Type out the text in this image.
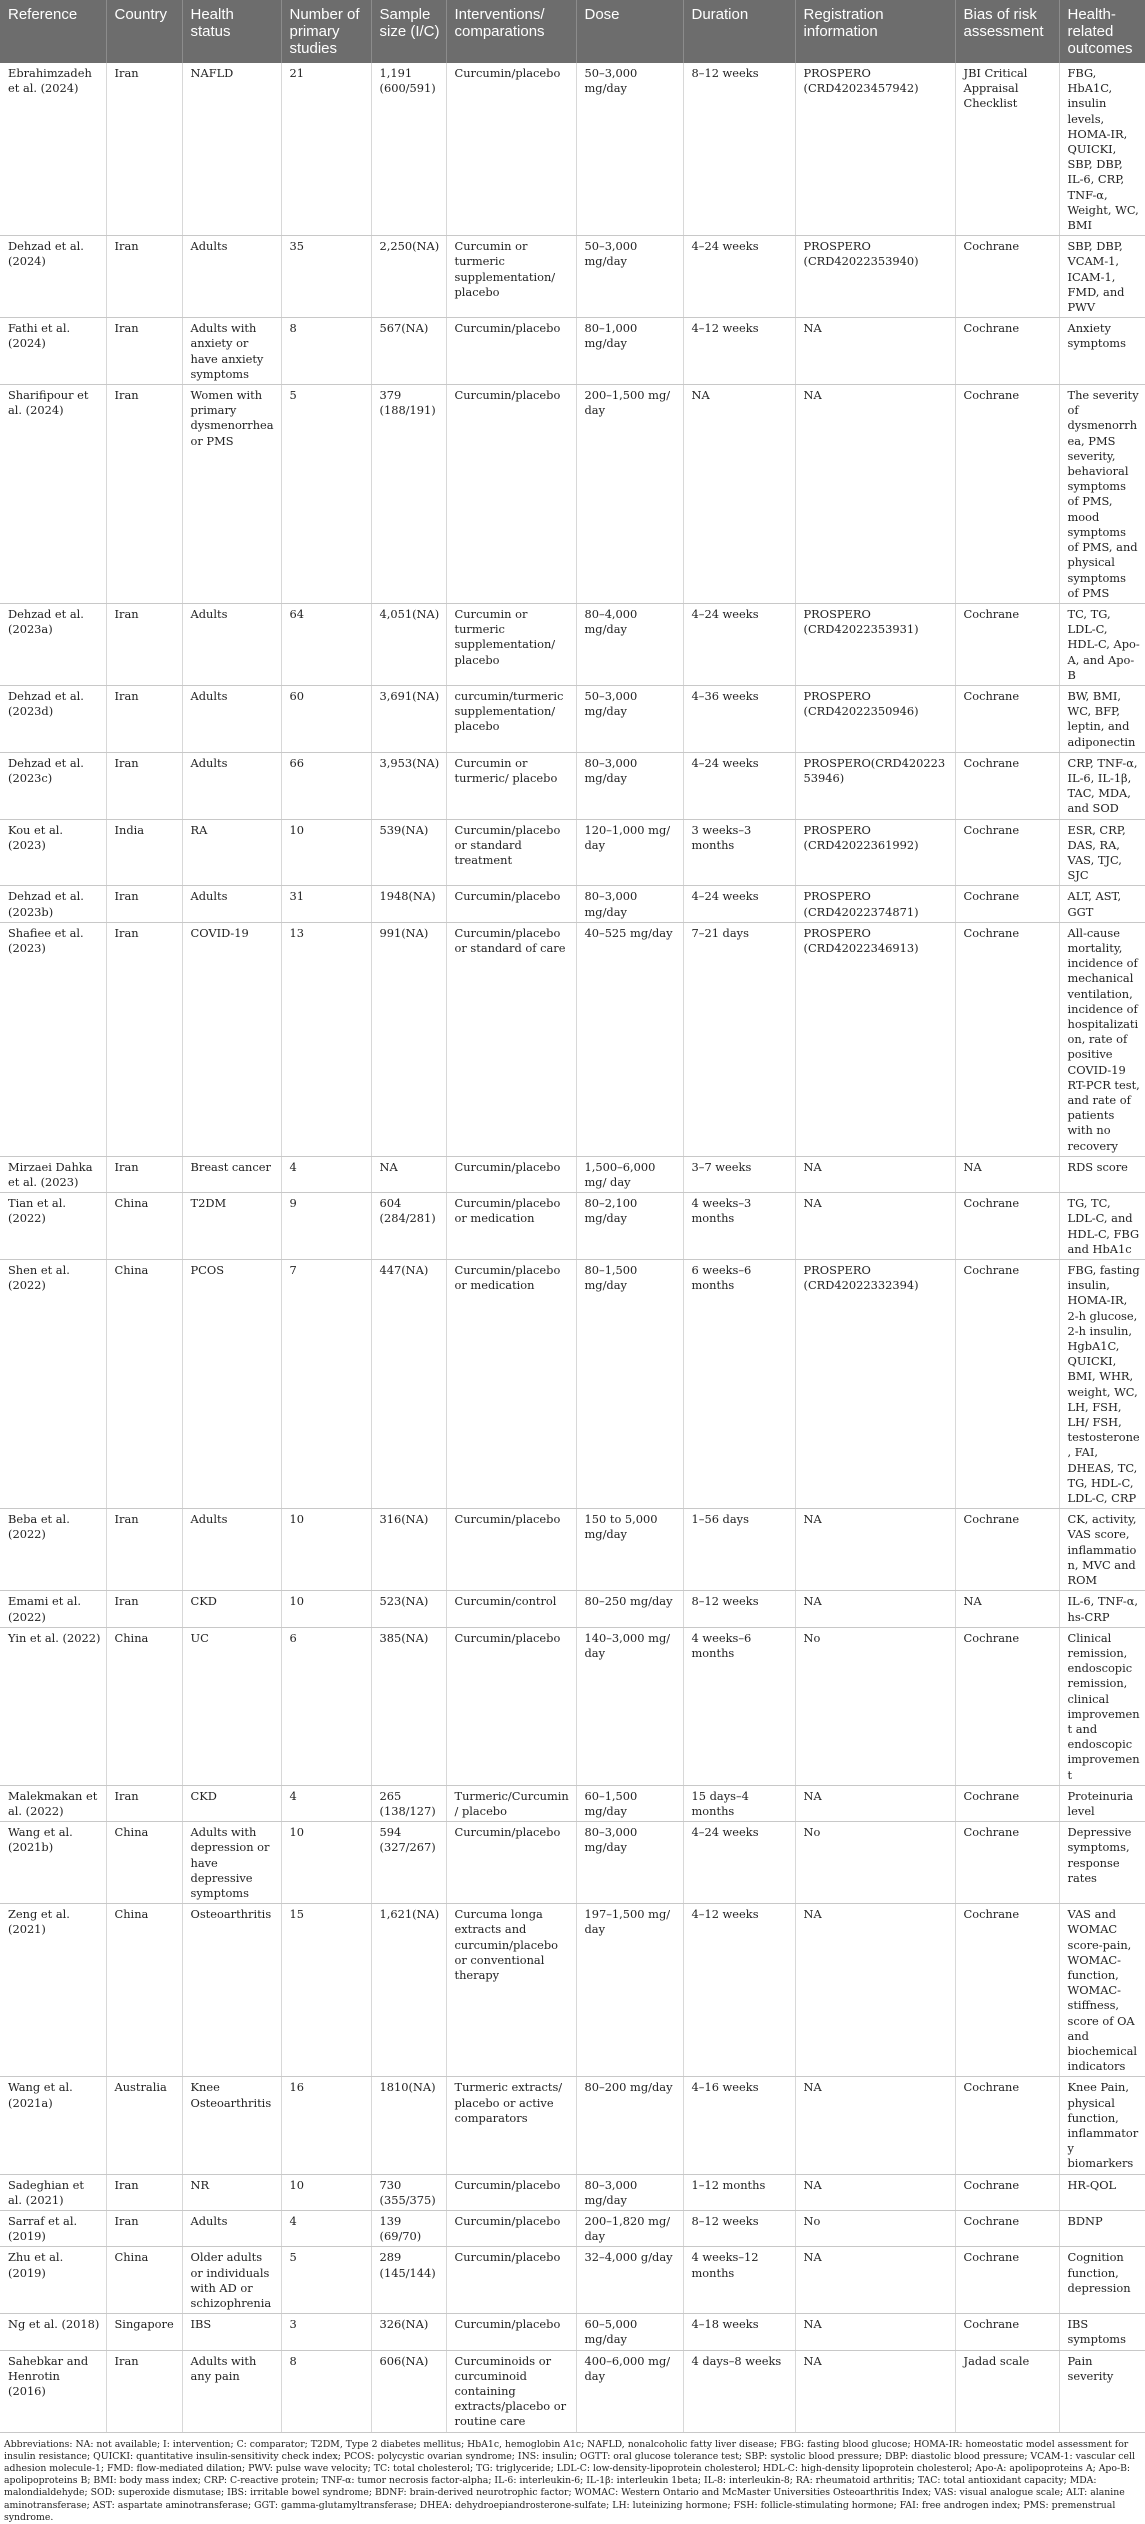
Reference	Country	Health status	Number of primary studies	Sample size (I/C)	Interventions/ comparations	Dose	Duration	Registration information	Bias of risk assessment	Health-related outcomes
Ebrahimzadeh et al. (2024)	Iran	NAFLD	21	1,191 (600/591)	Curcumin/placebo	50–3,000 mg/day	8–12 weeks	PROSPERO (CRD42023457942)	JBI Critical Appraisal Checklist	FBG, HbA1C, insulin levels, HOMA-IR, QUICKI, SBP, DBP, IL-6, CRP, TNF-α, Weight, WC, BMI
Dehzad et al. (2024)	Iran	Adults	35	2,250(NA)	Curcumin or turmeric supplementation/ placebo	50–3,000 mg/day	4–24 weeks	PROSPERO (CRD42022353940)	Cochrane	SBP, DBP, VCAM-1, ICAM-1, FMD, and PWV
Fathi et al. (2024)	Iran	Adults with anxiety or have anxiety symptoms	8	567(NA)	Curcumin/placebo	80–1,000 mg/day	4–12 weeks	NA	Cochrane	Anxiety symptoms
Sharifipour et al. (2024)	Iran	Women with primary dysmenorrhea or PMS	5	379 (188/191)	Curcumin/placebo	200–1,500 mg/ day	NA	NA	Cochrane	The severity of dysmenorrhea, PMS severity, behavioral symptoms of PMS, mood symptoms of PMS, and physical symptoms of PMS
Dehzad et al. (2023a)	Iran	Adults	64	4,051(NA)	Curcumin or turmeric supplementation/ placebo	80–4,000 mg/day	4–24 weeks	PROSPERO (CRD42022353931)	Cochrane	TC, TG, LDL-C, HDL-C, Apo-A, and Apo-B
Dehzad et al. (2023d)	Iran	Adults	60	3,691(NA)	curcumin/turmeric supplementation/ placebo	50–3,000 mg/day	4–36 weeks	PROSPERO (CRD42022350946)	Cochrane	BW, BMI, WC, BFP, leptin, and adiponectin
Dehzad et al. (2023c)	Iran	Adults	66	3,953(NA)	Curcumin or turmeric/ placebo	80–3,000 mg/day	4–24 weeks	PROSPERO(CRD42022353946)	Cochrane	CRP, TNF-α, IL-6, IL-1β, TAC, MDA, and SOD
Kou et al. (2023)	India	RA	10	539(NA)	Curcumin/placebo or standard treatment	120–1,000 mg/ day	3 weeks–3 months	PROSPERO (CRD42022361992)	Cochrane	ESR, CRP, DAS, RA, VAS, TJC, SJC
Dehzad et al. (2023b)	Iran	Adults	31	1948(NA)	Curcumin/placebo	80–3,000 mg/day	4–24 weeks	PROSPERO (CRD42022374871)	Cochrane	ALT, AST, GGT
Shafiee et al. (2023)	Iran	COVID-19	13	991(NA)	Curcumin/placebo or standard of care	40–525 mg/day	7–21 days	PROSPERO (CRD42022346913)	Cochrane	All-cause mortality, incidence of mechanical ventilation, incidence of hospitalization, rate of positive COVID-19 RT-PCR test, and rate of patients with no recovery
Mirzaei Dahka et al. (2023)	Iran	Breast cancer	4	NA	Curcumin/placebo	1,500–6,000 mg/ day	3–7 weeks	NA	NA	RDS score
Tian et al. (2022)	China	T2DM	9	604 (284/281)	Curcumin/placebo or medication	80–2,100 mg/day	4 weeks–3 months	NA	Cochrane	TG, TC, LDL-C, and HDL-C, FBG and HbA1c
Shen et al. (2022)	China	PCOS	7	447(NA)	Curcumin/placebo or medication	80–1,500 mg/day	6 weeks–6 months	PROSPERO (CRD42022332394)	Cochrane	FBG, fasting insulin, HOMA-IR, 2-h glucose, 2-h insulin, HgbA1C, QUICKI, BMI, WHR, weight, WC, LH, FSH, LH/ FSH, testosterone, FAI, DHEAS, TC, TG, HDL-C, LDL-C, CRP
Beba et al. (2022)	Iran	Adults	10	316(NA)	Curcumin/placebo	150 to 5,000 mg/day	1–56 days	NA	Cochrane	CK, activity, VAS score, inflammation, MVC and ROM
Emami et al. (2022)	Iran	CKD	10	523(NA)	Curcumin/control	80–250 mg/day	8–12 weeks	NA	NA	IL-6, TNF-α, hs-CRP
Yin et al. (2022)	China	UC	6	385(NA)	Curcumin/placebo	140–3,000 mg/ day	4 weeks–6 months	No	Cochrane	Clinical remission, endoscopic remission, clinical improvement and endoscopic improvement
Malekmakan et al. (2022)	Iran	CKD	4	265 (138/127)	Turmeric/Curcumin/ placebo	60–1,500 mg/day	15 days–4 months	NA	Cochrane	Proteinuria level
Wang et al. (2021b)	China	Adults with depression or have depressive symptoms	10	594 (327/267)	Curcumin/placebo	80–3,000 mg/day	4–24 weeks	No	Cochrane	Depressive symptoms, response rates
Zeng et al. (2021)	China	Osteoarthritis	15	1,621(NA)	Curcuma longa extracts and curcumin/placebo or conventional therapy	197–1,500 mg/ day	4–12 weeks	NA	Cochrane	VAS and WOMAC score-pain, WOMAC-function, WOMAC-stiffness, score of OA and biochemical indicators
Wang et al. (2021a)	Australia	Knee Osteoarthritis	16	1810(NA)	Turmeric extracts/ placebo or active comparators	80–200 mg/day	4–16 weeks	NA	Cochrane	Knee Pain, physical function, inflammatory biomarkers
Sadeghian et al. (2021)	Iran	NR	10	730 (355/375)	Curcumin/placebo	80–3,000 mg/day	1–12 months	NA	Cochrane	HR-QOL
Sarraf et al. (2019)	Iran	Adults	4	139 (69/70)	Curcumin/placebo	200–1,820 mg/ day	8–12 weeks	No	Cochrane	BDNP
Zhu et al. (2019)	China	Older adults or individuals with AD or schizophrenia	5	289 (145/144)	Curcumin/placebo	32–4,000 g/day	4 weeks–12 months	NA	Cochrane	Cognition function, depression
Ng et al. (2018)	Singapore	IBS	3	326(NA)	Curcumin/placebo	60–5,000 mg/day	4–18 weeks	NA	Cochrane	IBS symptoms
Sahebkar and Henrotin (2016)	Iran	Adults with any pain	8	606(NA)	Curcuminoids or curcuminoid containing extracts/placebo or routine care	400–6,000 mg/ day	4 days–8 weeks	NA	Jadad scale	Pain severity
Abbreviations: NA: not available; I: intervention; C: comparator; T2DM, Type 2 diabetes mellitus; HbA1c, hemoglobin A1c; NAFLD, nonalcoholic fatty liver disease; FBG: fasting blood glucose; HOMA-IR: homeostatic model assessment for insulin resistance; QUICKI: quantitative insulin-sensitivity check index; PCOS: polycystic ovarian syndrome; INS: insulin; OGTT: oral glucose tolerance test; SBP: systolic blood pressure; DBP: diastolic blood pressure; VCAM-1: vascular cell adhesion molecule-1; FMD: flow-mediated dilation; PWV: pulse wave velocity; TC: total cholesterol; TG: triglyceride; LDL-C: low-density-lipoprotein cholesterol; HDL-C: high-density lipoprotein cholesterol; Apo-A: apolipoproteins A; Apo-B: apolipoproteins B; BMI: body mass index; CRP: C-reactive protein; TNF-α: tumor necrosis factor-alpha; IL-6: interleukin-6; IL-1β: interleukin 1beta; IL-8: interleukin-8; RA: rheumatoid arthritis; TAC: total antioxidant capacity; MDA: malondialdehyde; SOD: superoxide dismutase; IBS: irritable bowel syndrome; BDNF: brain-derived neurotrophic factor; WOMAC: Western Ontario and McMaster Universities Osteoarthritis Index; VAS: visual analogue scale; ALT: alanine aminotransferase; AST: aspartate aminotransferase; GGT: gamma-glutamyltransferase; DHEA: dehydroepiandrosterone-sulfate; LH: luteinizing hormone; FSH: follicle-stimulating hormone; FAI: free androgen index; PMS: premenstrual syndrome.
